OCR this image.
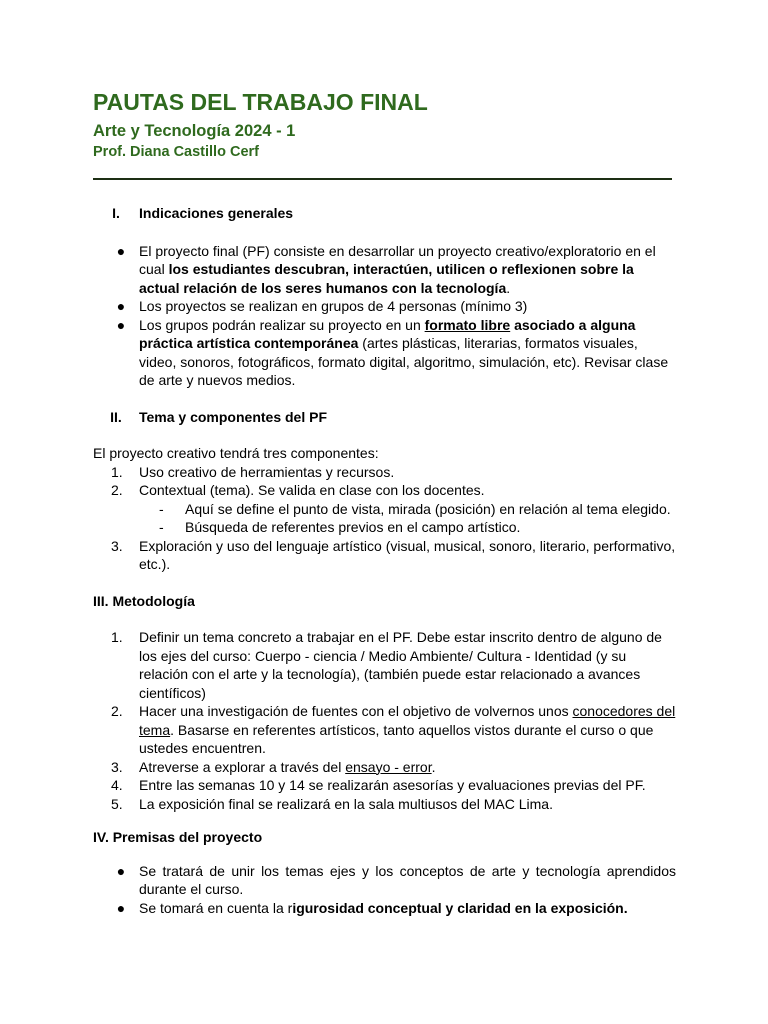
PAUTAS DEL TRABAJO FINAL
Arte y Tecnología 2024 - 1
Prof. Diana Castillo Cerf
I. Indicaciones generales
● El proyecto final (PF) consiste en desarrollar un proyecto creativo/exploratorio en el cual los estudiantes descubran, interactúen, utilicen o reflexionen sobre la actual relación de los seres humanos con la tecnología.
● Los proyectos se realizan en grupos de 4 personas (mínimo 3)
● Los grupos podrán realizar su proyecto en un formato libre asociado a alguna práctica artística contemporánea (artes plásticas, literarias, formatos visuales, video, sonoros, fotográficos, formato digital, algoritmo, simulación, etc). Revisar clase de arte y nuevos medios.
II. Tema y componentes del PF
El proyecto creativo tendrá tres componentes:
1.	Uso creativo de herramientas y recursos.
2.	Contextual (tema). Se valida en clase con los docentes.
- Aquí se define el punto de vista, mirada (posición) en relación al tema elegido.
- Búsqueda de referentes previos en el campo artístico.
3.	Exploración y uso del lenguaje artístico (visual, musical, sonoro, literario, performativo, etc.).
III. Metodología
1.	Definir un tema concreto a trabajar en el PF. Debe estar inscrito dentro de alguno de los ejes del curso: Cuerpo - ciencia / Medio Ambiente/ Cultura - Identidad (y su relación con el arte y la tecnología), (también puede estar relacionado a avances científicos)
2.	Hacer una investigación de fuentes con el objetivo de volvernos unos conocedores del tema. Basarse en referentes artísticos, tanto aquellos vistos durante el curso o que ustedes encuentren.
3.	Atreverse a explorar a través del ensayo - error.
4.	Entre las semanas 10 y 14 se realizarán asesorías y evaluaciones previas del PF.
5.	La exposición final se realizará en la sala multiusos del MAC Lima.
IV. Premisas del proyecto
● Se tratará de unir los temas ejes y los conceptos de arte y tecnología aprendidos durante el curso.
● Se tomará en cuenta la rigurosidad conceptual y claridad en la exposición.
